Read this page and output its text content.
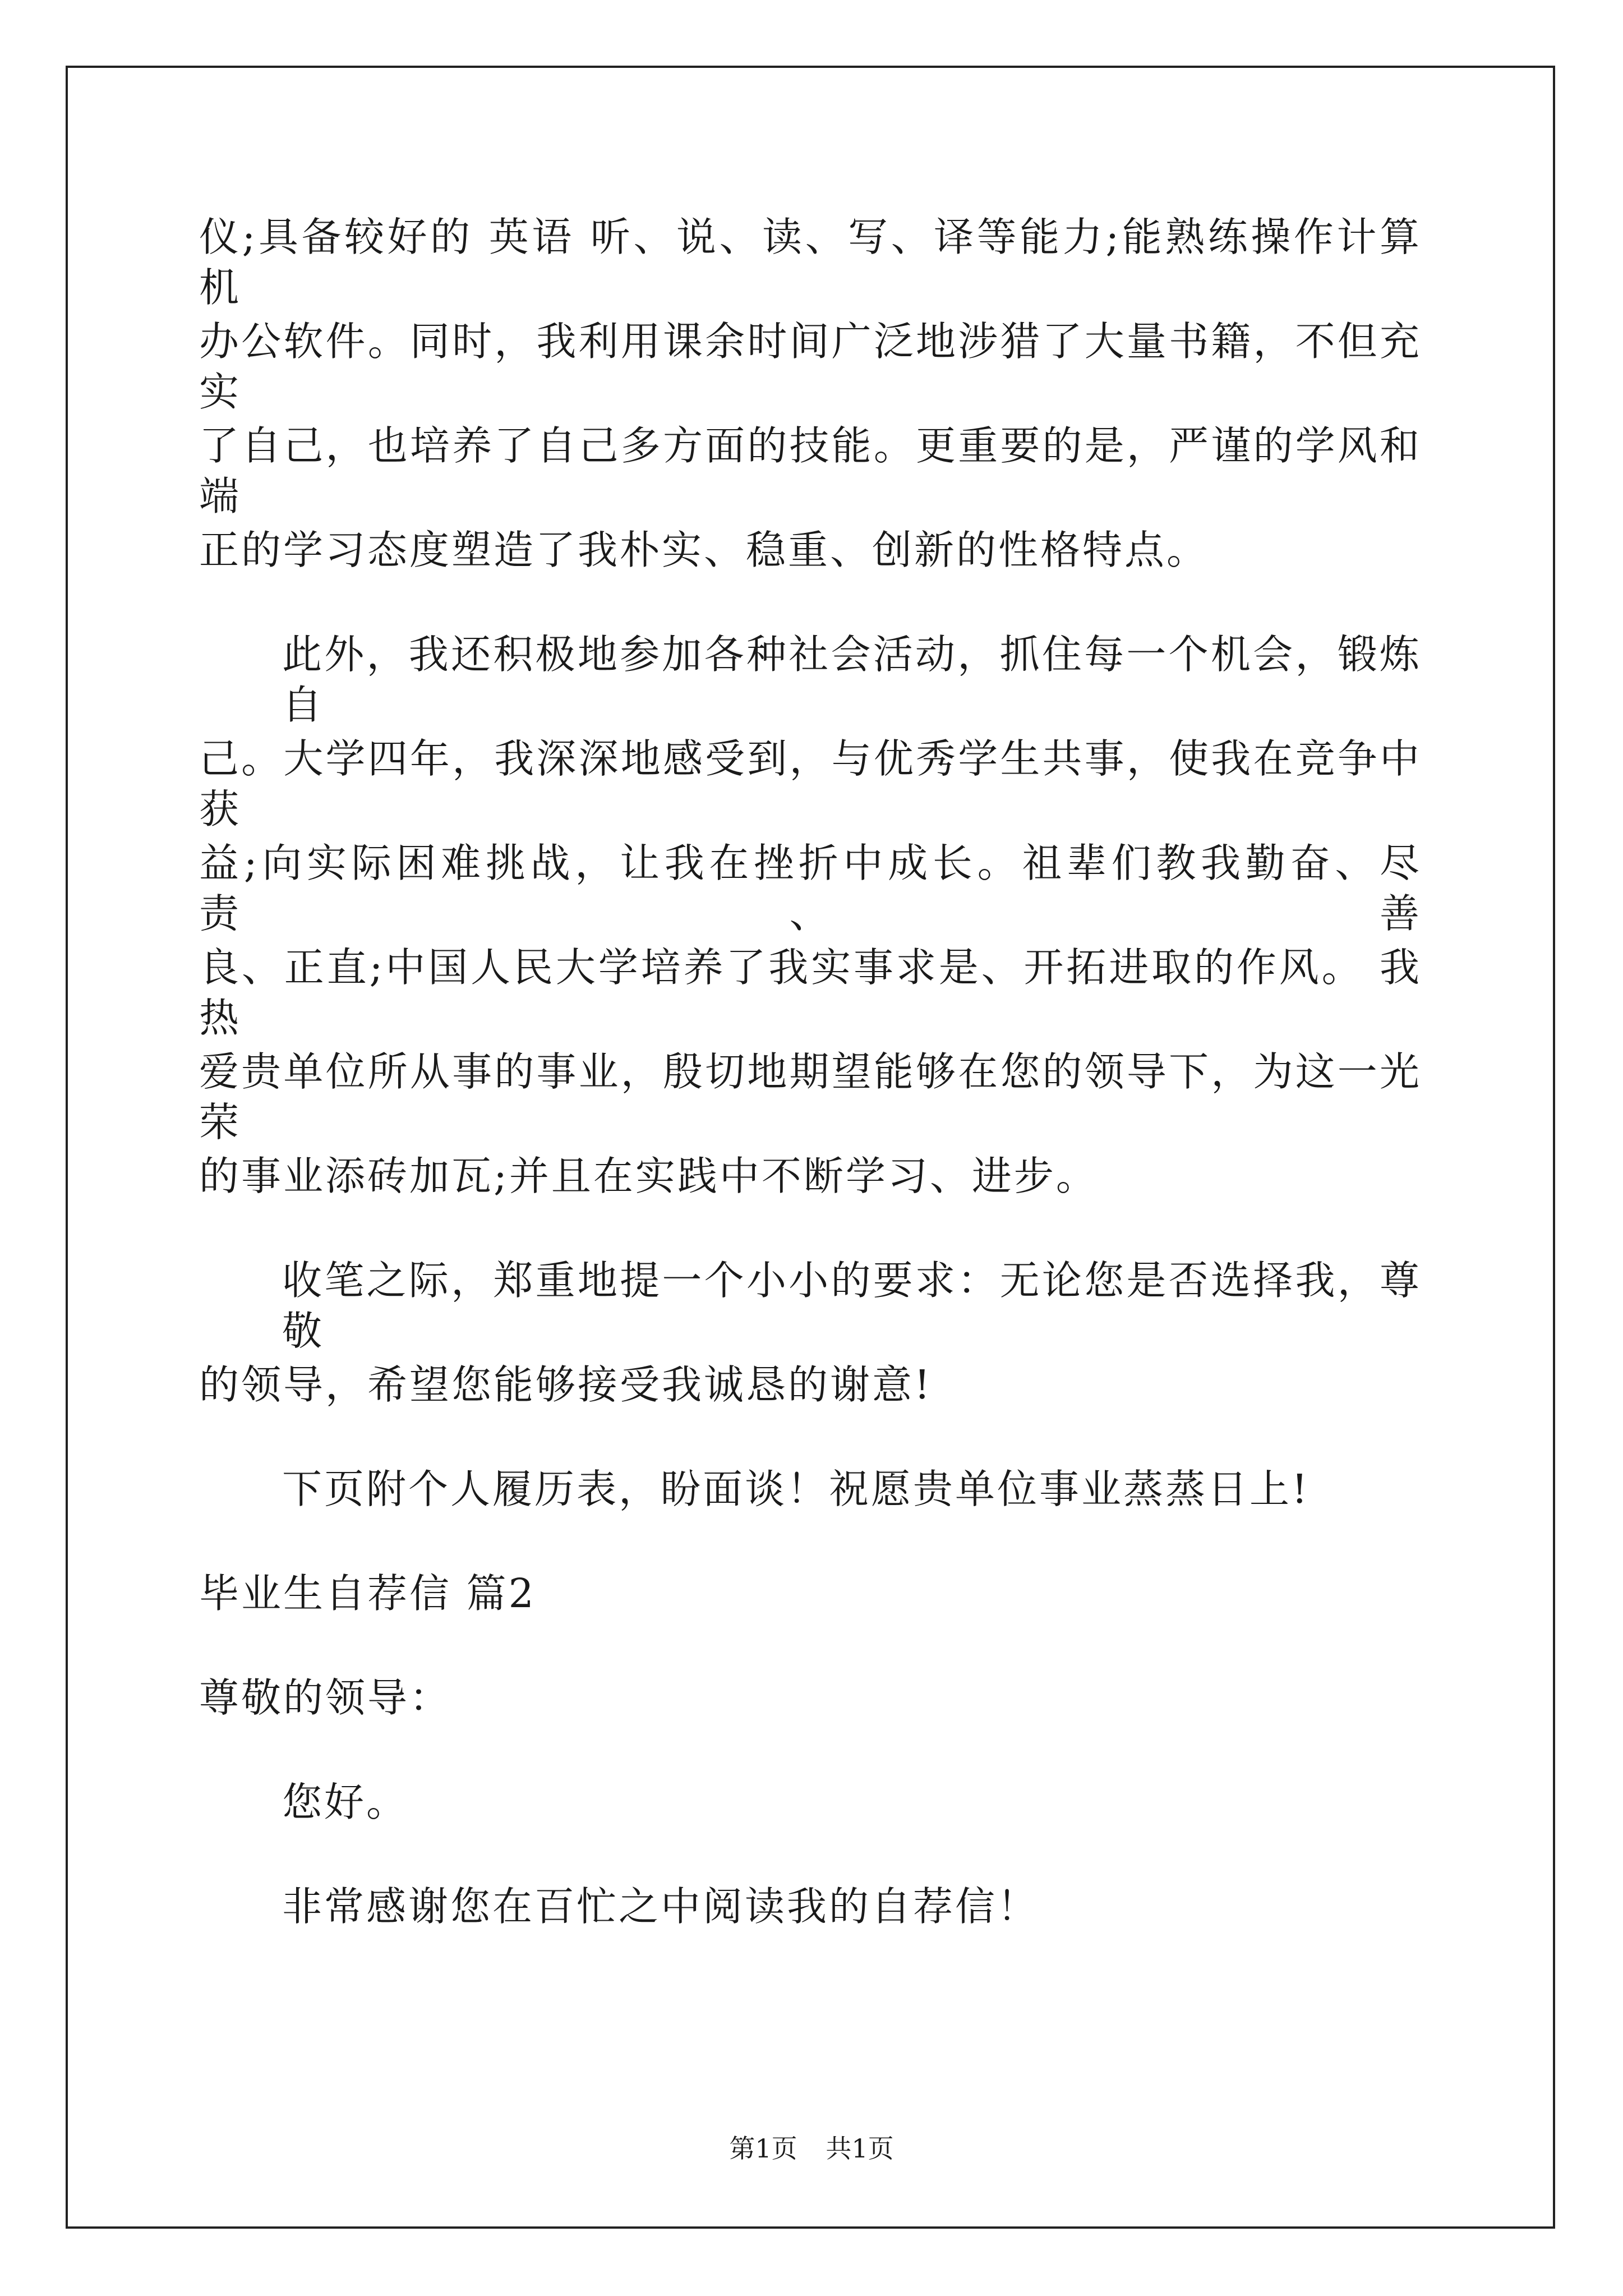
仪;具备较好的 英语 听、说、读、写、译等能力;能熟练操作计算机
办公软件。同时，我利用课余时间广泛地涉猎了大量书籍，不但充实
了自己，也培养了自己多方面的技能。更重要的是，严谨的学风和端
正的学习态度塑造了我朴实、稳重、创新的性格特点。
此外，我还积极地参加各种社会活动，抓住每一个机会，锻炼自
己。大学四年，我深深地感受到，与优秀学生共事，使我在竞争中获
益;向实际困难挑战，让我在挫折中成长。祖辈们教我勤奋、尽责、善
良、正直;中国人民大学培养了我实事求是、开拓进取的作风。 我热
爱贵单位所从事的事业，殷切地期望能够在您的领导下，为这一光荣
的事业添砖加瓦;并且在实践中不断学习、进步。
收笔之际，郑重地提一个小小的要求：无论您是否选择我，尊敬
的领导，希望您能够接受我诚恳的谢意!
下页附个人履历表，盼面谈！祝愿贵单位事业蒸蒸日上!
毕业生自荐信 篇2
尊敬的领导：
您好。
非常感谢您在百忙之中阅读我的自荐信！
第1页 共1页
